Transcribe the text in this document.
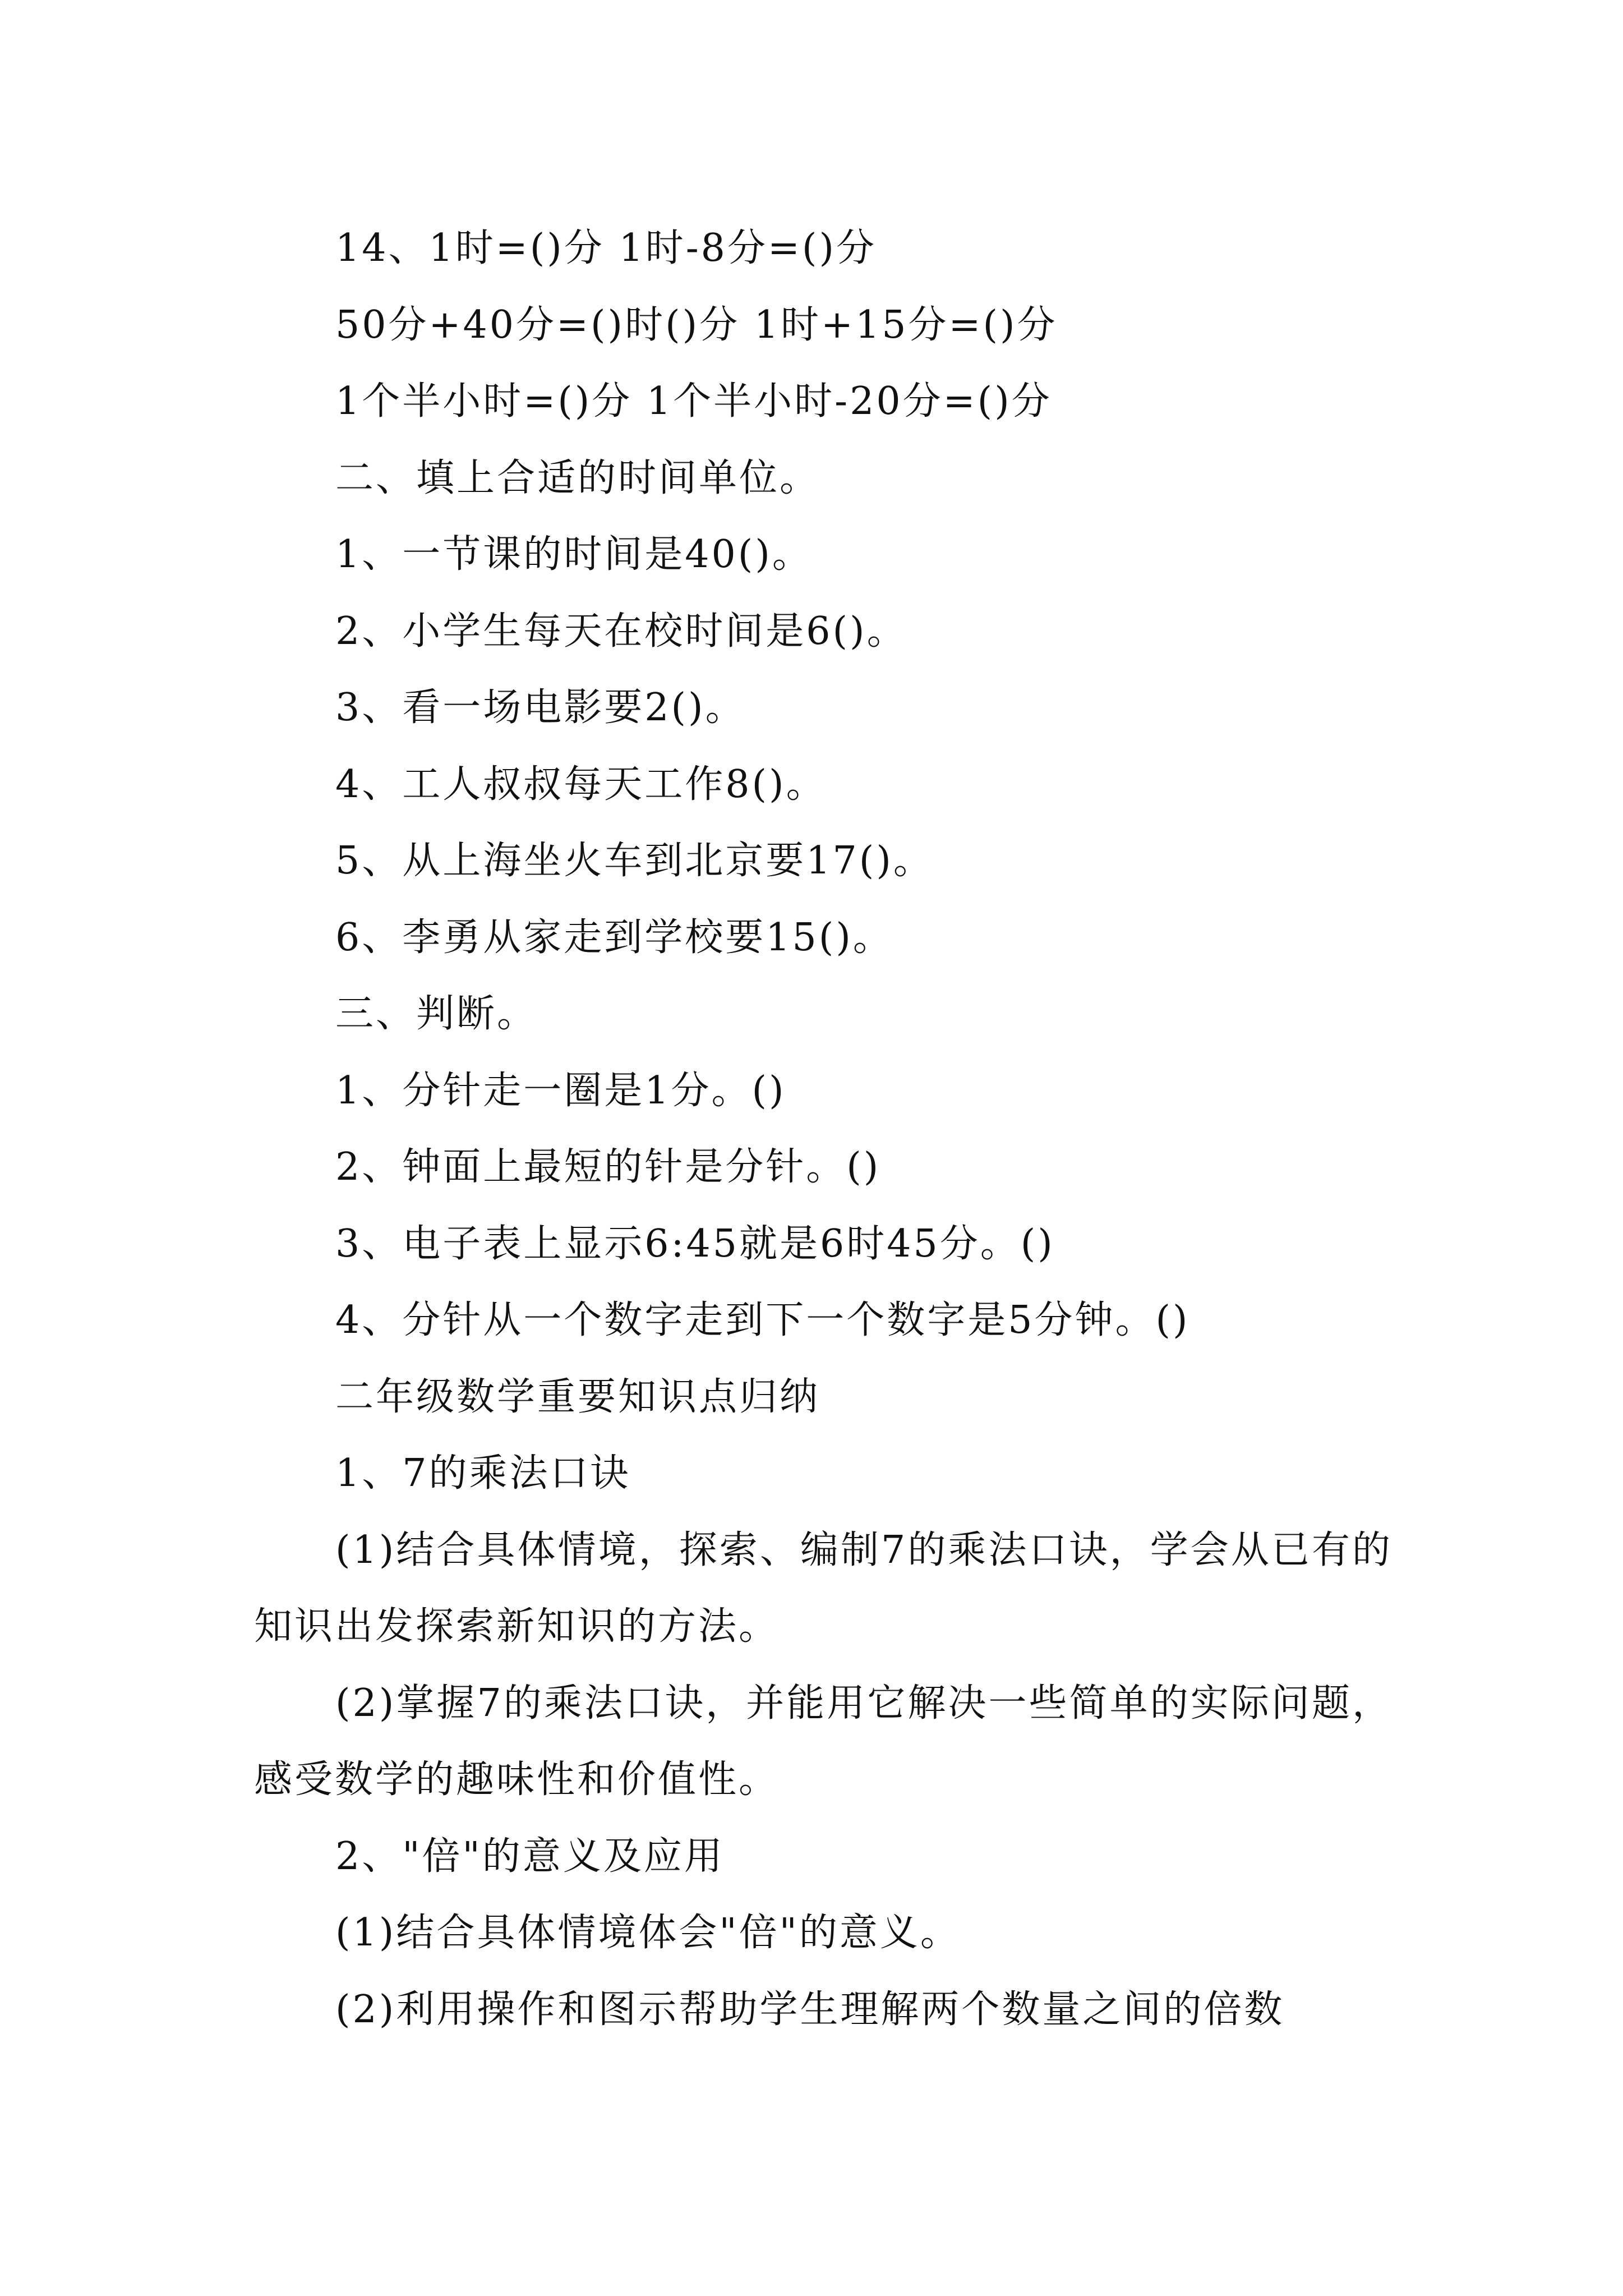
14、1时=()分 1时-8分=()分
50分+40分=()时()分 1时+15分=()分
1个半小时=()分 1个半小时-20分=()分
二、填上合适的时间单位。
1、一节课的时间是40()。
2、小学生每天在校时间是6()。
3、看一场电影要2()。
4、工人叔叔每天工作8()。
5、从上海坐火车到北京要17()。
6、李勇从家走到学校要15()。
三、判断。
1、分针走一圈是1分。()
2、钟面上最短的针是分针。()
3、电子表上显示6:45就是6时45分。()
4、分针从一个数字走到下一个数字是5分钟。()
二年级数学重要知识点归纳
1、7的乘法口诀
(1)结合具体情境，探索、编制7的乘法口诀，学会从已有的知识出发探索新知识的方法。
(2)掌握7的乘法口诀，并能用它解决一些简单的实际问题，感受数学的趣味性和价值性。
2、"倍"的意义及应用
(1)结合具体情境体会"倍"的意义。
(2)利用操作和图示帮助学生理解两个数量之间的倍数
